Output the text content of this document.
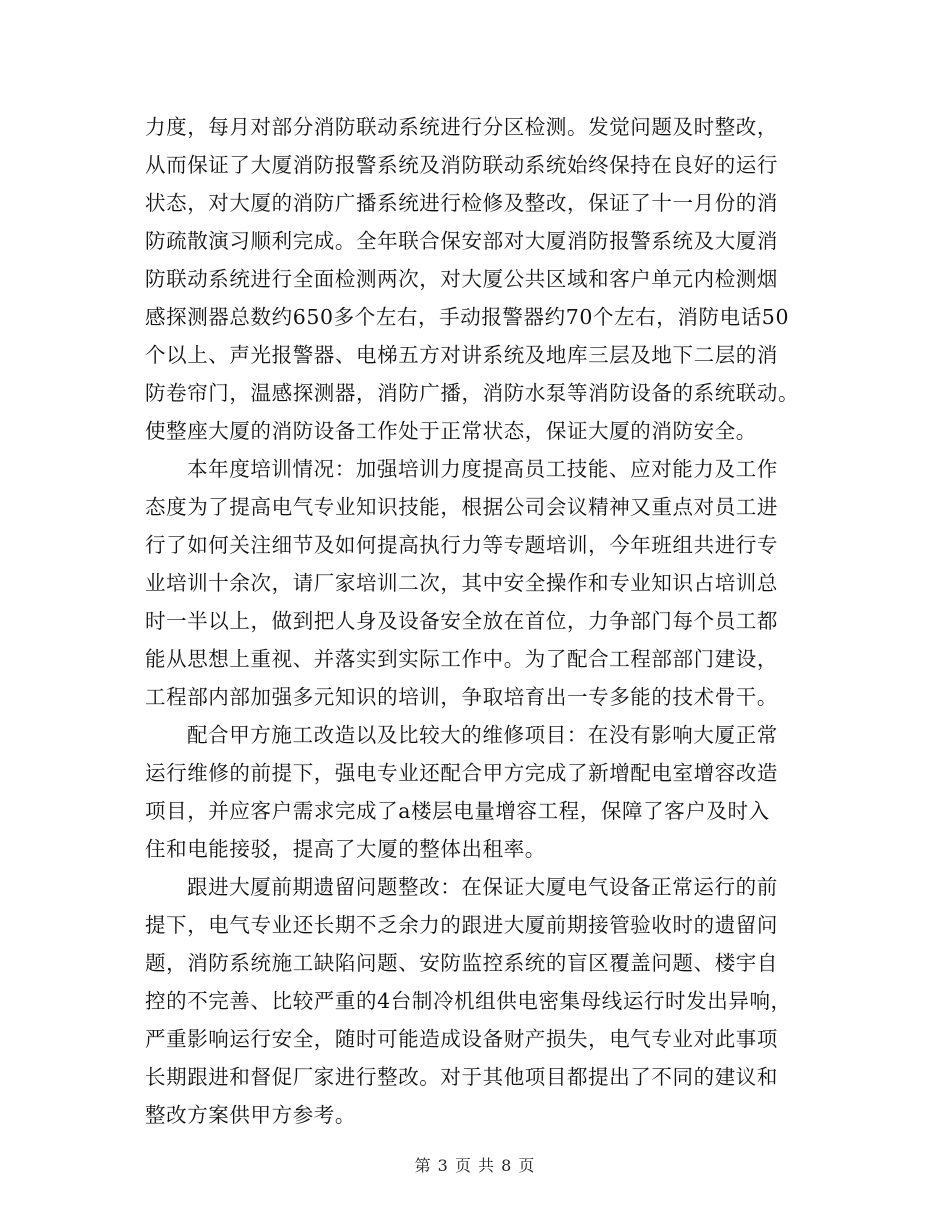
力度，每月对部分消防联动系统进行分区检测。发觉问题及时整改，
从而保证了大厦消防报警系统及消防联动系统始终保持在良好的运行
状态，对大厦的消防广播系统进行检修及整改，保证了十一月份的消
防疏散演习顺利完成。全年联合保安部对大厦消防报警系统及大厦消
防联动系统进行全面检测两次，对大厦公共区域和客户单元内检测烟
感探测器总数约650多个左右，手动报警器约70个左右，消防电话50
个以上、声光报警器、电梯五方对讲系统及地库三层及地下二层的消
防卷帘门，温感探测器，消防广播，消防水泵等消防设备的系统联动。
使整座大厦的消防设备工作处于正常状态，保证大厦的消防安全。
本年度培训情况：加强培训力度提高员工技能、应对能力及工作
态度为了提高电气专业知识技能，根据公司会议精神又重点对员工进
行了如何关注细节及如何提高执行力等专题培训，今年班组共进行专
业培训十余次，请厂家培训二次，其中安全操作和专业知识占培训总
时一半以上，做到把人身及设备安全放在首位，力争部门每个员工都
能从思想上重视、并落实到实际工作中。为了配合工程部部门建设，
工程部内部加强多元知识的培训，争取培育出一专多能的技术骨干。
配合甲方施工改造以及比较大的维修项目：在没有影响大厦正常
运行维修的前提下，强电专业还配合甲方完成了新增配电室增容改造
项目，并应客户需求完成了a楼层电量增容工程，保障了客户及时入
住和电能接驳，提高了大厦的整体出租率。
跟进大厦前期遗留问题整改：在保证大厦电气设备正常运行的前
提下，电气专业还长期不乏余力的跟进大厦前期接管验收时的遗留问
题，消防系统施工缺陷问题、安防监控系统的盲区覆盖问题、楼宇自
控的不完善、比较严重的4台制冷机组供电密集母线运行时发出异响，
严重影响运行安全，随时可能造成设备财产损失，电气专业对此事项
长期跟进和督促厂家进行整改。对于其他项目都提出了不同的建议和
整改方案供甲方参考。
第 3 页 共 8 页
